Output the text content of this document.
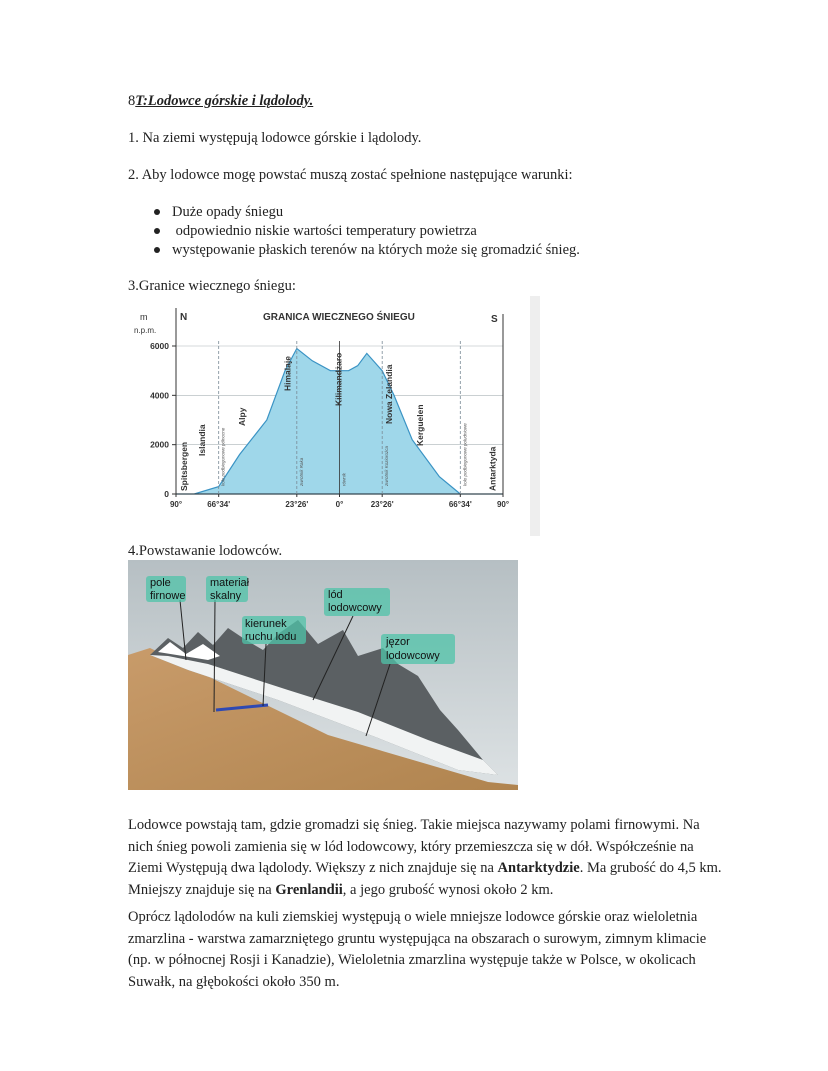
8T:Lodowce górskie i lądolody.
1. Na ziemi występują lodowce górskie i lądolody.
2. Aby lodowce mogę powstać muszą zostać spełnione następujące warunki:
Duże opady śniegu
odpowiednio niskie wartości temperatury powietrza
występowanie płaskich terenów na których może się gromadzić śnieg.
3.Granice wiecznego śniegu:
m
n.p.m.
N	S
GRANICA WIECZNEGO ŚNIEGU
6000
4000
2000
0
90°	66°34'	23°26'	0°	23°26'	66°34'	90°
Spitsbergen
Islandia
Alpy
Himalaje	Kilimandżaro	Nowa Zelandia
Kerguelen
Antarktyda
koło podbiegunowe północne	zwrotnik Raka	równik	zwrotnik Koziorożca	koło podbiegunowe południowe
4.Powstawanie lodowców.
pole
firnowe
materiał
skalny
kierunek
ruchu lodu
lód
lodowcowy
jęzor
lodowcowy

Lodowce powstają tam, gdzie gromadzi się śnieg. Takie miejsca nazywamy polami firnowymi. Na

nich śnieg powoli zamienia się w lód lodowcowy, który przemieszcza się w dół. Współcześnie na

Ziemi Występują dwa lądolody. Większy z nich znajduje się na Antarktydzie. Ma grubość do 4,5 km.

Mniejszy znajduje się na Grenlandii, a jego grubość wynosi około 2 km.

Oprócz lądolodów na kuli ziemskiej występują o wiele mniejsze lodowce górskie oraz wieloletnia

zmarzlina - warstwa zamarzniętego gruntu występująca na obszarach o surowym, zimnym klimacie

(np. w północnej Rosji i Kanadzie), Wieloletnia zmarzlina występuje także w Polsce, w okolicach

Suwałk, na głębokości około 350 m.
